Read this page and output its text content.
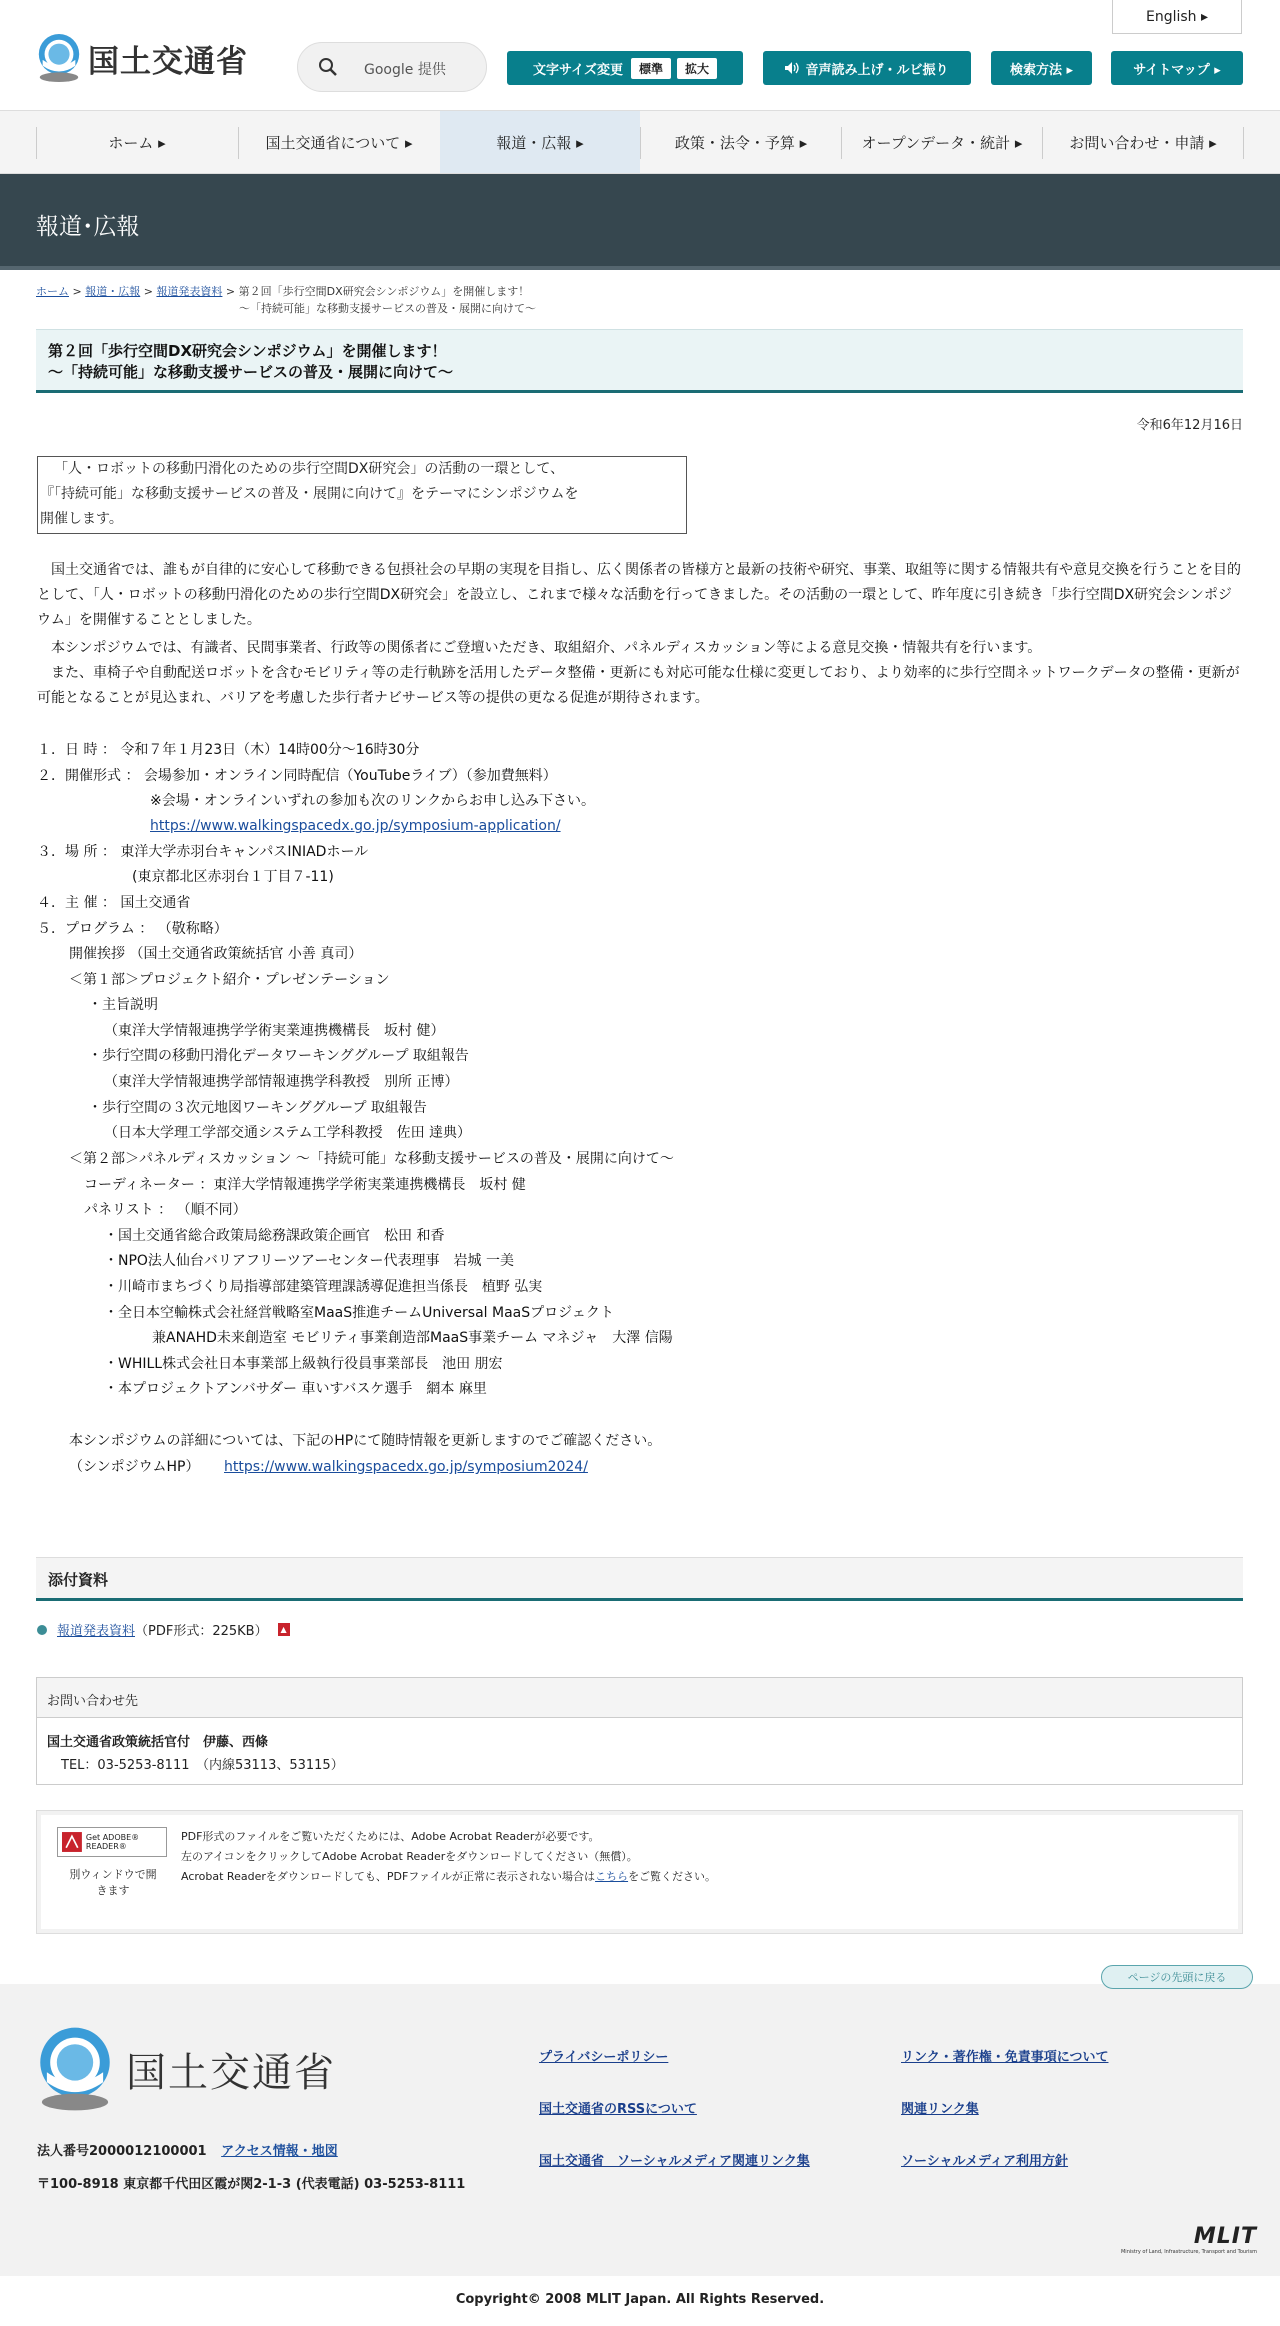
国土交通省	Google 提供
English ▸
文字サイズ変更	標準	拡大	音声読み上げ・ルビ振り	検索方法 ▸	サイトマップ ▸
ホーム ▸	国土交通省について ▸	報道・広報 ▸	政策・法令・予算 ▸	オープンデータ・統計 ▸	お問い合わせ・申請 ▸
報道･広報
ホーム > 報道・広報 > 報道発表資料 > 第２回「歩行空間DX研究会シンポジウム」を開催します！
～「持続可能」な移動支援サービスの普及・展開に向けて～
第２回「歩行空間DX研究会シンポジウム」を開催します！
～「持続可能」な移動支援サービスの普及・展開に向けて～
令和6年12月16日
「人・ロボットの移動円滑化のための歩行空間DX研究会」の活動の一環として、
『「持続可能」な移動支援サービスの普及・展開に向けて』をテーマにシンポジウムを
開催します。
国土交通省では、誰もが自律的に安心して移動できる包摂社会の早期の実現を目指し、広く関係者の皆様方と最新の技術や研究、事業、取組等に関する情報共有や意見交換を行うことを目的として、「人・ロボットの移動円滑化のための歩行空間DX研究会」を設立し、これまで様々な活動を行ってきました。その活動の一環として、昨年度に引き続き「歩行空間DX研究会シンポジウム」を開催することとしました。
本シンポジウムでは、有識者、民間事業者、行政等の関係者にご登壇いただき、取組紹介、パネルディスカッション等による意見交換・情報共有を行います。
また、車椅子や自動配送ロボットを含むモビリティ等の走行軌跡を活用したデータ整備・更新にも対応可能な仕様に変更しており、より効率的に歩行空間ネットワークデータの整備・更新が可能となることが見込まれ、バリアを考慮した歩行者ナビサービス等の提供の更なる促進が期待されます。
１．日 時 ： 令和７年１月23日（木）14時00分～16時30分
２．開催形式 ： 会場参加・オンライン同時配信（YouTubeライブ）（参加費無料）
※会場・オンラインいずれの参加も次のリンクからお申し込み下さい。
https://www.walkingspacedx.go.jp/symposium-application/
３．場 所 ： 東洋大学赤羽台キャンパスINIADホール
(東京都北区赤羽台１丁目７-11)
４．主 催 ： 国土交通省
５．プログラム ： （敬称略）
開催挨拶 （国土交通省政策統括官 小善 真司）
＜第１部＞プロジェクト紹介・プレゼンテーション
・主旨説明
（東洋大学情報連携学学術実業連携機構長　坂村 健）
・歩行空間の移動円滑化データワーキンググループ 取組報告
（東洋大学情報連携学部情報連携学科教授　別所 正博）
・歩行空間の３次元地図ワーキンググループ 取組報告
（日本大学理工学部交通システム工学科教授　佐田 達典）
＜第２部＞パネルディスカッション ～「持続可能」な移動支援サービスの普及・展開に向けて～
コーディネーター ：東洋大学情報連携学学術実業連携機構長　坂村 健
パネリスト ： （順不同）
・国土交通省総合政策局総務課政策企画官　松田 和香
・NPO法人仙台バリアフリーツアーセンター代表理事　岩城 一美
・川崎市まちづくり局指導部建築管理課誘導促進担当係長　植野 弘実
・全日本空輸株式会社経営戦略室MaaS推進チームUniversal MaaSプロジェクト
兼ANAHD未来創造室 モビリティ事業創造部MaaS事業チーム マネジャ　大澤 信陽
・WHILL株式会社日本事業部上級執行役員事業部長　池田 朋宏
・本プロジェクトアンバサダー 車いすバスケ選手　網本 麻里
本シンポジウムの詳細については、下記のHPにて随時情報を更新しますのでご確認ください。
（シンポジウムHP） https://www.walkingspacedx.go.jp/symposium2024/
添付資料
報道発表資料 （PDF形式：225KB）	▲
お問い合わせ先
国土交通省政策統括官付　伊藤、西條
TEL：03-5253-8111　（内線53113、53115）
Get ADOBE® READER®
別ウィンドウで開きます
PDF形式のファイルをご覧いただくためには、Adobe Acrobat Readerが必要です。
左のアイコンをクリックしてAdobe Acrobat Readerをダウンロードしてください（無償）。
Acrobat Readerをダウンロードしても、PDFファイルが正常に表示されない場合はこちらをご覧ください。
ページの先頭に戻る
国土交通省
法人番号2000012100001 アクセス情報・地図
〒100-8918 東京都千代田区霞が関2-1-3 (代表電話) 03-5253-8111
プライバシーポリシー	リンク・著作権・免責事項について
国土交通省のRSSについて	関連リンク集
国土交通省　ソーシャルメディア関連リンク集	ソーシャルメディア利用方針
MLIT
Ministry of Land, Infrastructure, Transport and Tourism
Copyright© 2008 MLIT Japan. All Rights Reserved.
